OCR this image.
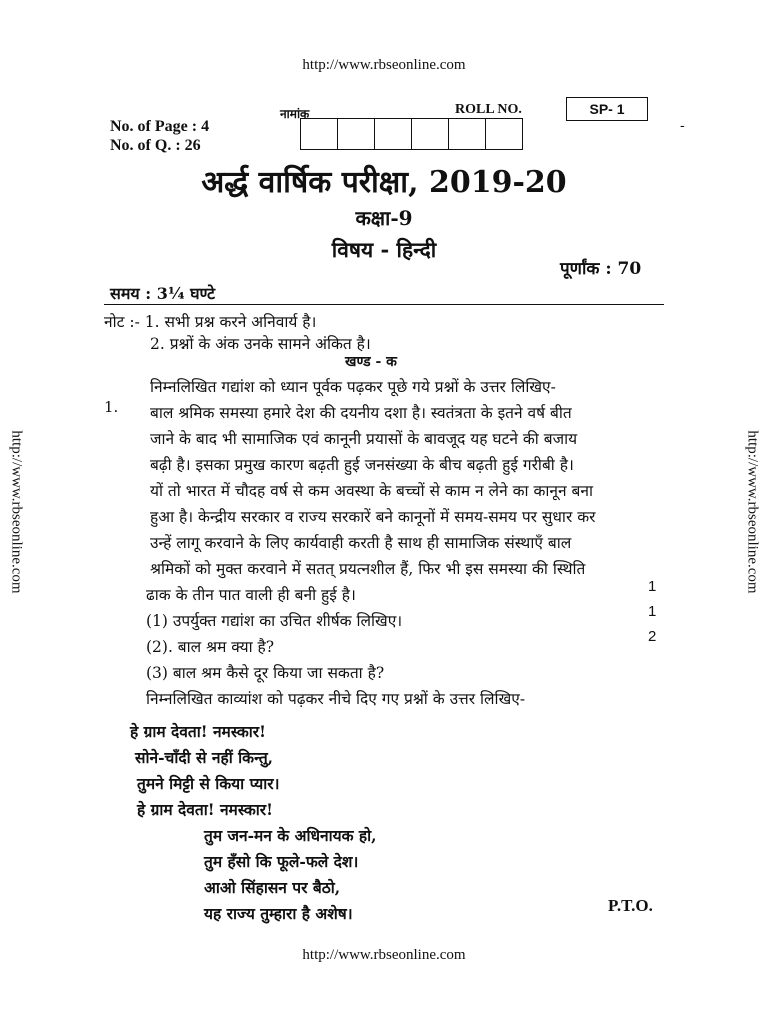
http://www.rbseonline.com
http://www.rbseonline.com	http://www.rbseonline.com
No. of Page : 4
No. of Q. : 26
नामांक	ROLL NO.	SP- 1
-
अर्द्ध वार्षिक परीक्षा, 2019-20
कक्षा-9
विषय - हिन्दी
पूर्णांक : 70
समय : 3¼ घण्टे
नोट :- 1. सभी प्रश्न करने अनिवार्य है।
2. प्रश्नों के अंक उनके सामने अंकित है।
खण्ड - क
1.
निम्नलिखित गद्यांश को ध्यान पूर्वक पढ़कर पूछे गये प्रश्नों के उत्तर लिखिए-
बाल श्रमिक समस्या हमारे देश की दयनीय दशा है। स्वतंत्रता के इतने वर्ष बीत
जाने के बाद भी सामाजिक एवं कानूनी प्रयासों के बावजूद यह घटने की बजाय
बढ़ी है। इसका प्रमुख कारण बढ़ती हुई जनसंख्या के बीच बढ़ती हुई गरीबी है।
यों तो भारत में चौदह वर्ष से कम अवस्था के बच्चों से काम न लेने का कानून बना
हुआ है। केन्द्रीय सरकार व राज्य सरकारें बने कानूनों में समय-समय पर सुधार कर
उन्हें लागू करवाने के लिए कार्यवाही करती है साथ ही सामाजिक संस्थाएँ बाल
श्रमिकों को मुक्त करवाने में सतत् प्रयत्नशील हैं, फिर भी इस समस्या की स्थिति
ढाक के तीन पात वाली ही बनी हुई है।
(1) उपर्युक्त गद्यांश का उचित शीर्षक लिखिए।
1
(2). बाल श्रम क्या है?
1
(3) बाल श्रम कैसे दूर किया जा सकता है?
2
निम्नलिखित काव्यांश को पढ़कर नीचे दिए गए प्रश्नों के उत्तर लिखिए-
हे ग्राम देवता! नमस्कार!
सोने-चाँदी से नहीं किन्तु,
तुमने मिट्टी से किया प्यार।
हे ग्राम देवता! नमस्कार!
तुम जन-मन के अधिनायक हो,
तुम हँसो कि फूले-फले देश।
आओ सिंहासन पर बैठो,
यह राज्य तुम्हारा है अशेष।	P.T.O.
http://www.rbseonline.com
